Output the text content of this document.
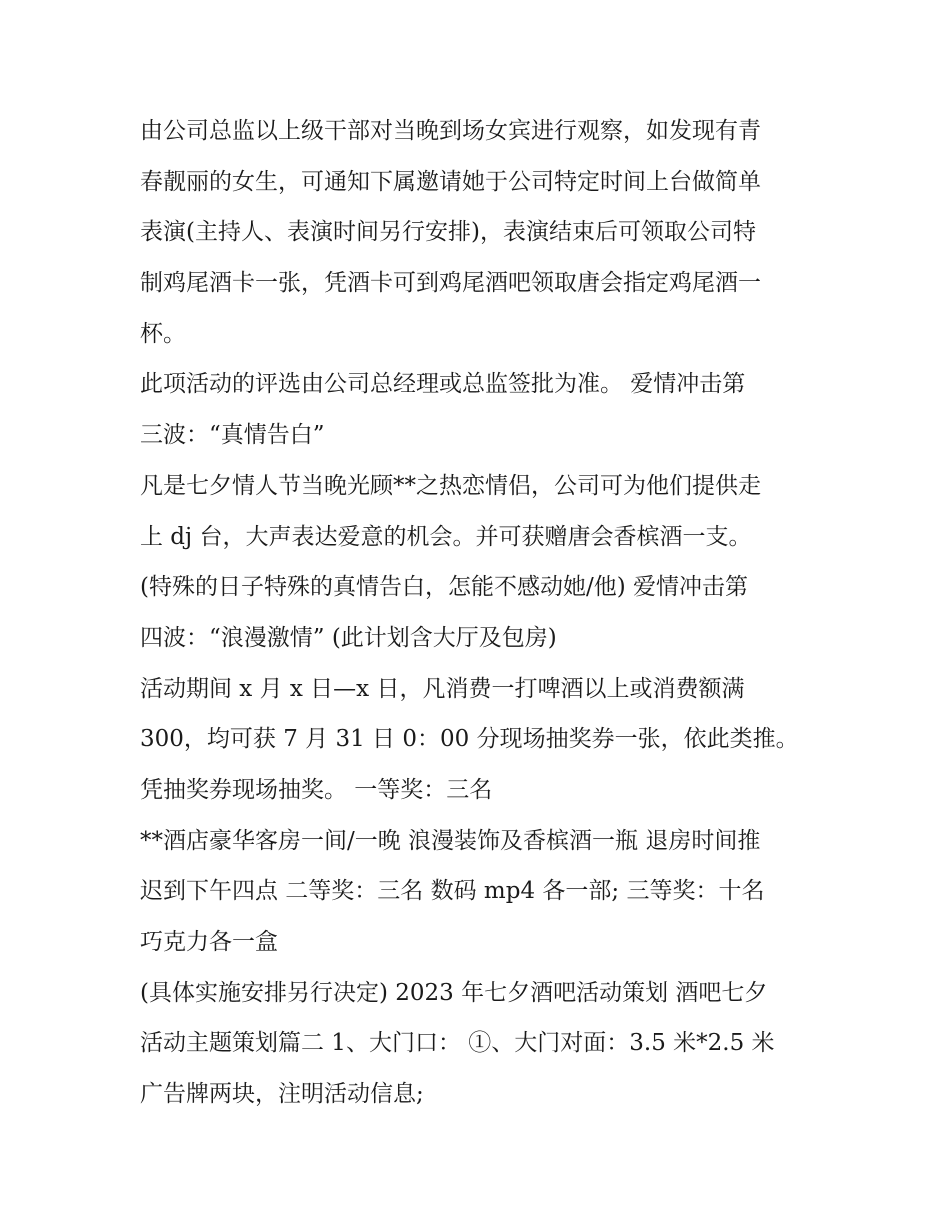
由公司总监以上级干部对当晚到场女宾进行观察，如发现有青
春靓丽的女生，可通知下属邀请她于公司特定时间上台做简单
表演(主持人、表演时间另行安排)，表演结束后可领取公司特
制鸡尾酒卡一张，凭酒卡可到鸡尾酒吧领取唐会指定鸡尾酒一
杯。
此项活动的评选由公司总经理或总监签批为准。 爱情冲击第
三波：“真情告白”
凡是七夕情人节当晚光顾**之热恋情侣，公司可为他们提供走
上 dj 台，大声表达爱意的机会。并可获赠唐会香槟酒一支。
(特殊的日子特殊的真情告白，怎能不感动她/他) 爱情冲击第
四波：“浪漫激情” (此计划含大厅及包房)
活动期间 x 月 x 日—x 日，凡消费一打啤酒以上或消费额满
300，均可获 7 月 31 日 0：00 分现场抽奖券一张，依此类推。
凭抽奖券现场抽奖。 一等奖：三名
**酒店豪华客房一间/一晚 浪漫装饰及香槟酒一瓶 退房时间推
迟到下午四点 二等奖：三名 数码 mp4 各一部; 三等奖：十名
巧克力各一盒
(具体实施安排另行决定) 2023 年七夕酒吧活动策划 酒吧七夕
活动主题策划篇二 1、大门口： ①、大门对面：3.5 米*2.5 米
广告牌两块，注明活动信息;
